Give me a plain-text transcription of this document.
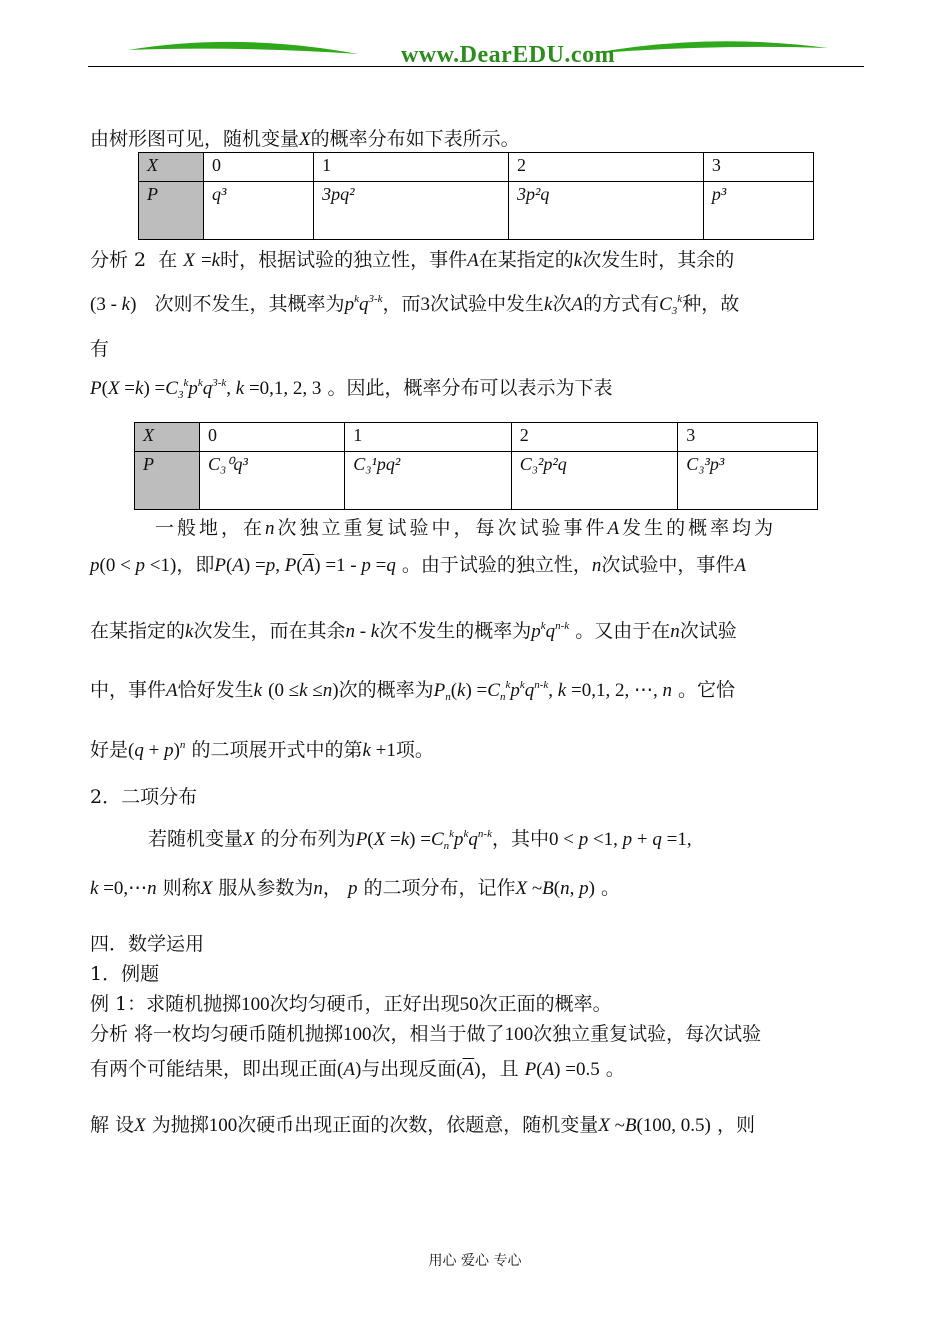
www.DearEDU.com
由树形图可见，随机变量X的概率分布如下表所示。
X	0	1	2	3
P	q³	3pq²	3p²q	p³
分析 2 在 X =k时，根据试验的独立性，事件A在某指定的k次发生时，其余的
(3 - k) 次则不发生，其概率为$p^kq^{3-k}$，而3次试验中发生k次A的方式有$C_3^k$种，故
有
$P(X =k) =C_3^kp^kq^{3-k}$, k =0,1, 2, 3 。因此，概率分布可以表示为下表
X	0	1	2	3
P	C₃⁰q³	C₃¹pq²	C₃²p²q	C₃³p³
一般地，在n次独立重复试验中，每次试验事件A发生的概率均为
p(0 < p <1)，即P(A) =p, $P(\overline{A}) =1 - p =q$ 。由于试验的独立性，n次试验中，事件A
在某指定的k次发生，而在其余n - k次不发生的概率为$p^kq^{n-k}$ 。又由于在n次试验
中，事件A恰好发生k (0 ≤k ≤n)次的概率为$P_n(k) =C_n^kp^kq^{n-k}$, k =0,1, 2, ⋯, n 。它恰
好是$(q + p)^n$ 的二项展开式中的第k +1项。
2．二项分布
若随机变量X 的分布列为$P(X =k) =C_n^kp^kq^{n-k}$，其中0 < p <1, p + q =1,
k =0,⋯n 则称X 服从参数为n， p 的二项分布，记作X ~B(n, p) 。
四．数学运用
1．例题
例 1：求随机抛掷100次均匀硬币，正好出现50次正面的概率。
分析 将一枚均匀硬币随机抛掷100次，相当于做了100次独立重复试验，每次试验
有两个可能结果，即出现正面(A)与出现反面$(\overline{A})$，且 P(A) =0.5 。
解 设X 为抛掷100次硬币出现正面的次数，依题意，随机变量X ~B(100, 0.5) ，则
用心 爱心 专心
